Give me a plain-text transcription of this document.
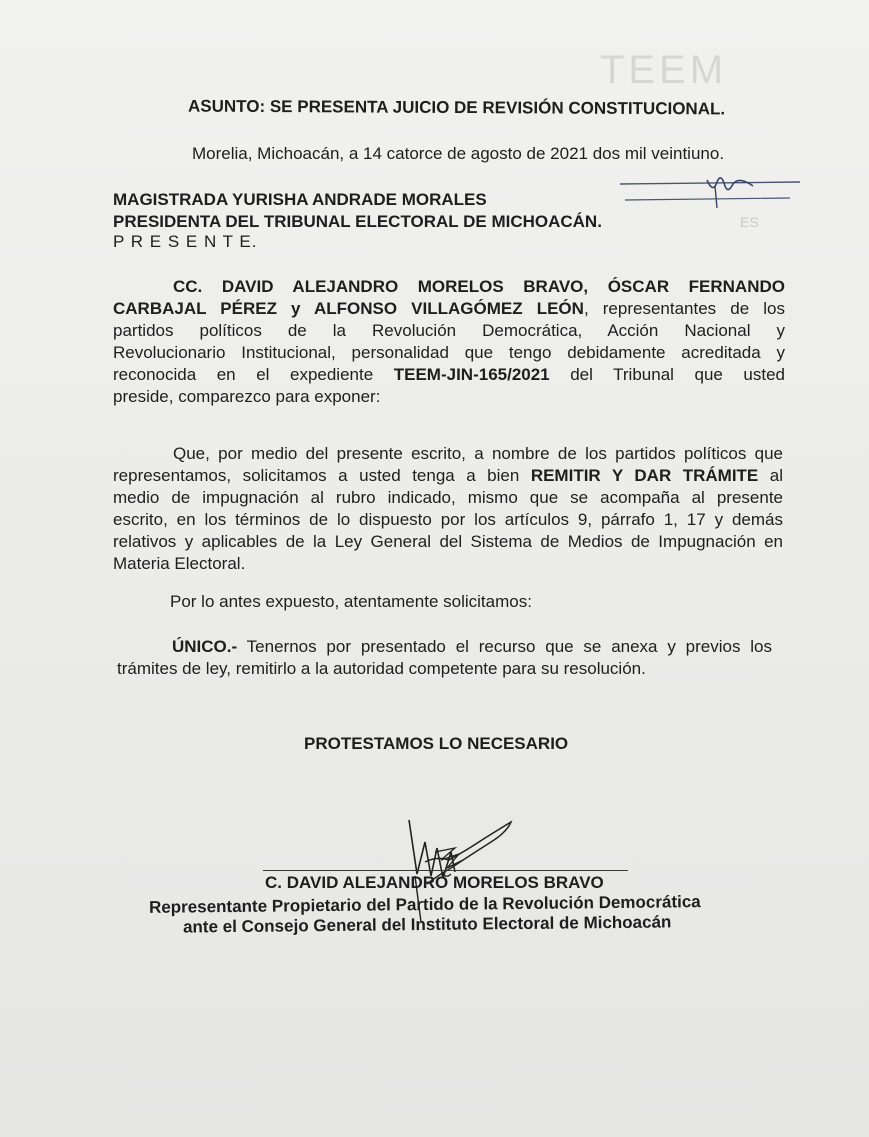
TEEM
ES
ASUNTO: SE PRESENTA JUICIO DE REVISIÓN CONSTITUCIONAL.
Morelia, Michoacán, a 14 catorce de agosto de 2021 dos mil veintiuno.
MAGISTRADA YURISHA ANDRADE MORALES
PRESIDENTA DEL TRIBUNAL ELECTORAL DE MICHOACÁN.
P R E S E N T E.
CC. DAVID ALEJANDRO MORELOS BRAVO, ÓSCAR FERNANDO
CARBAJAL PÉREZ y ALFONSO VILLAGÓMEZ LEÓN, representantes de los
partidos políticos de la Revolución Democrática, Acción Nacional y
Revolucionario Institucional, personalidad que tengo debidamente acreditada y
reconocida en el expediente TEEM-JIN-165/2021 del Tribunal que usted
preside, comparezco para exponer:
Que, por medio del presente escrito, a nombre de los partidos políticos que
representamos, solicitamos a usted tenga a bien REMITIR Y DAR TRÁMITE al
medio de impugnación al rubro indicado, mismo que se acompaña al presente
escrito, en los términos de lo dispuesto por los artículos 9, párrafo 1, 17 y demás
relativos y aplicables de la Ley General del Sistema de Medios de Impugnación en
Materia Electoral.
Por lo antes expuesto, atentamente solicitamos:
ÚNICO.- Tenernos por presentado el recurso que se anexa y previos los
trámites de ley, remitirlo a la autoridad competente para su resolución.
PROTESTAMOS LO NECESARIO
C. DAVID ALEJANDRO MORELOS BRAVO
Representante Propietario del Partido de la Revolución Democrática
ante el Consejo General del Instituto Electoral de Michoacán
